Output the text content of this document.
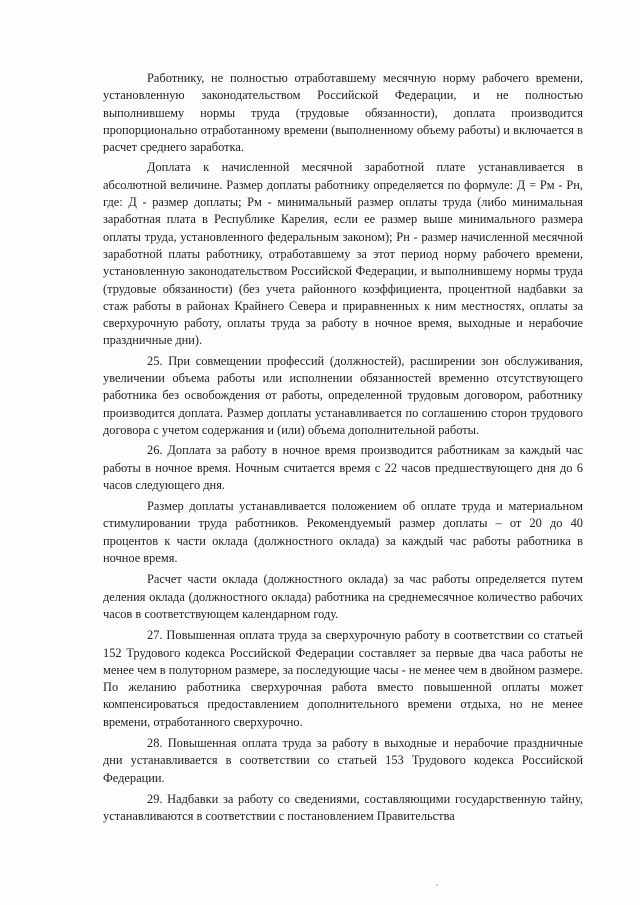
Работнику, не полностью отработавшему месячную норму рабочего времени, установленную законодательством Российской Федерации, и не полностью выполнившему нормы труда (трудовые обязанности), доплата производится пропорционально отработанному времени (выполненному объему работы) и включается в расчет среднего заработка.

Доплата к начисленной месячной заработной плате устанавливается в абсолютной величине. Размер доплаты работнику определяется по формуле: Д = Рм - Рн, где: Д - размер доплаты; Рм - минимальный размер оплаты труда (либо минимальная заработная плата в Республике Карелия, если ее размер выше минимального размера оплаты труда, установленного федеральным законом); Рн - размер начисленной месячной заработной платы работнику, отработавшему за этот период норму рабочего времени, установленную законодательством Российской Федерации, и выполнившему нормы труда (трудовые обязанности) (без учета районного коэффициента, процентной надбавки за стаж работы в районах Крайнего Севера и приравненных к ним местностях, оплаты за сверхурочную работу, оплаты труда за работу в ночное время, выходные и нерабочие праздничные дни).

25. При совмещении профессий (должностей), расширении зон обслуживания, увеличении объема работы или исполнении обязанностей временно отсутствующего работника без освобождения от работы, определенной трудовым договором, работнику производится доплата. Размер доплаты устанавливается по соглашению сторон трудового договора с учетом содержания и (или) объема дополнительной работы.

26. Доплата за работу в ночное время производится работникам за каждый час работы в ночное время. Ночным считается время с 22 часов предшествующего дня до 6 часов следующего дня.

Размер доплаты устанавливается положением об оплате труда и материальном стимулировании труда работников. Рекомендуемый размер доплаты – от 20 до 40 процентов к части оклада (должностного оклада) за каждый час работы работника в ночное время.

Расчет части оклада (должностного оклада) за час работы определяется путем деления оклада (должностного оклада) работника на среднемесячное количество рабочих часов в соответствующем календарном году.

27. Повышенная оплата труда за сверхурочную работу в соответствии со статьей 152 Трудового кодекса Российской Федерации составляет за первые два часа работы не менее чем в полуторном размере, за последующие часы - не менее чем в двойном размере. По желанию работника сверхурочная работа вместо повышенной оплаты может компенсироваться предоставлением дополнительного времени отдыха, но не менее времени, отработанного сверхурочно.

28. Повышенная оплата труда за работу в выходные и нерабочие праздничные дни устанавливается в соответствии со статьей 153 Трудового кодекса Российской Федерации.

29. Надбавки за работу со сведениями, составляющими государственную тайну, устанавливаются в соответствии с постановлением Правительства
